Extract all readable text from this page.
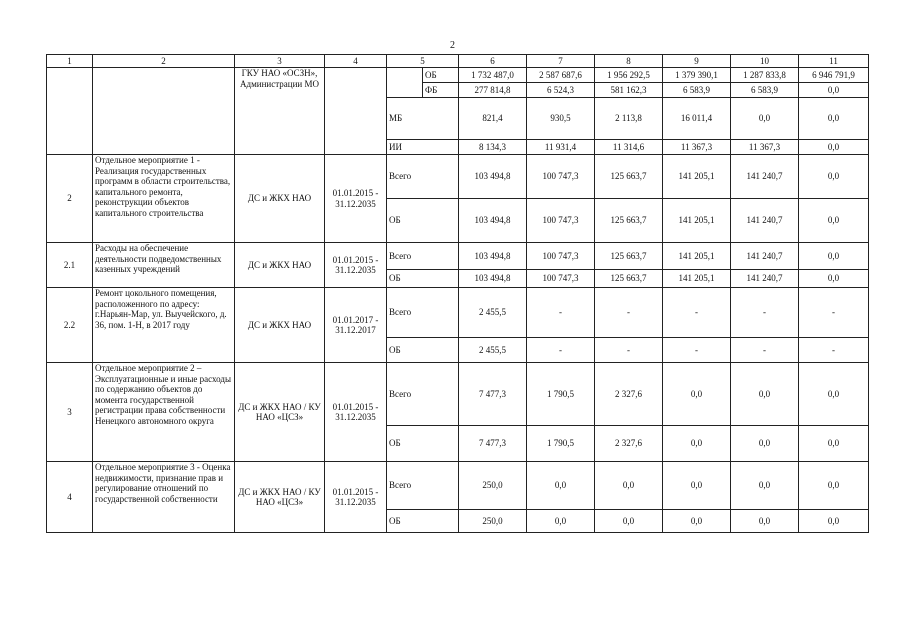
2
1	2	3	4	5		6	7	8	9	10	11
		ГКУ НАО «ОСЗН», Администрации МО			ОБ	1 732 487,0	2 587 687,6	1 956 292,5	1 379 390,1	1 287 833,8	6 946 791,9
					ФБ	277 814,8	6 524,3	581 162,3	6 583,9	6 583,9	0,0
				МБ		821,4	930,5	2 113,8	16 011,4	0,0	0,0
				ИИ		8 134,3	11 931,4	11 314,6	11 367,3	11 367,3	0,0
2	Отдельное мероприятие 1 - Реализация государственных программ в области строительства, капитального ремонта, реконструкции объектов капитального строительства	ДС и ЖКХ НАО	01.01.2015 - 31.12.2035	Всего		103 494,8	100 747,3	125 663,7	141 205,1	141 240,7	0,0
				ОБ		103 494,8	100 747,3	125 663,7	141 205,1	141 240,7	0,0
2.1	Расходы на обеспечение деятельности подведомственных казенных учреждений	ДС и ЖКХ НАО	01.01.2015 - 31.12.2035	Всего		103 494,8	100 747,3	125 663,7	141 205,1	141 240,7	0,0
				ОБ		103 494,8	100 747,3	125 663,7	141 205,1	141 240,7	0,0
2.2	Ремонт цокольного помещения, расположенного по адресу: г.Нарьян-Мар, ул. Выучейского, д. 36, пом. 1-Н, в 2017 году	ДС и ЖКХ НАО	01.01.2017 - 31.12.2017	Всего		2 455,5	-	-	-	-	-
				ОБ		2 455,5	-	-	-	-	-
3	Отдельное мероприятие 2 – Эксплуатационные и иные расходы по содержанию объектов до момента государственной регистрации права собственности Ненецкого автономного округа	ДС и ЖКХ НАО / КУ НАО «ЦСЗ»	01.01.2015 - 31.12.2035	Всего		7 477,3	1 790,5	2 327,6	0,0	0,0	0,0
				ОБ		7 477,3	1 790,5	2 327,6	0,0	0,0	0,0
4	Отдельное мероприятие 3 - Оценка недвижимости, признание прав и регулирование отношений по государственной собственности	ДС и ЖКХ НАО / КУ НАО «ЦСЗ»	01.01.2015 - 31.12.2035	Всего		250,0	0,0	0,0	0,0	0,0	0,0
				ОБ		250,0	0,0	0,0	0,0	0,0	0,0
